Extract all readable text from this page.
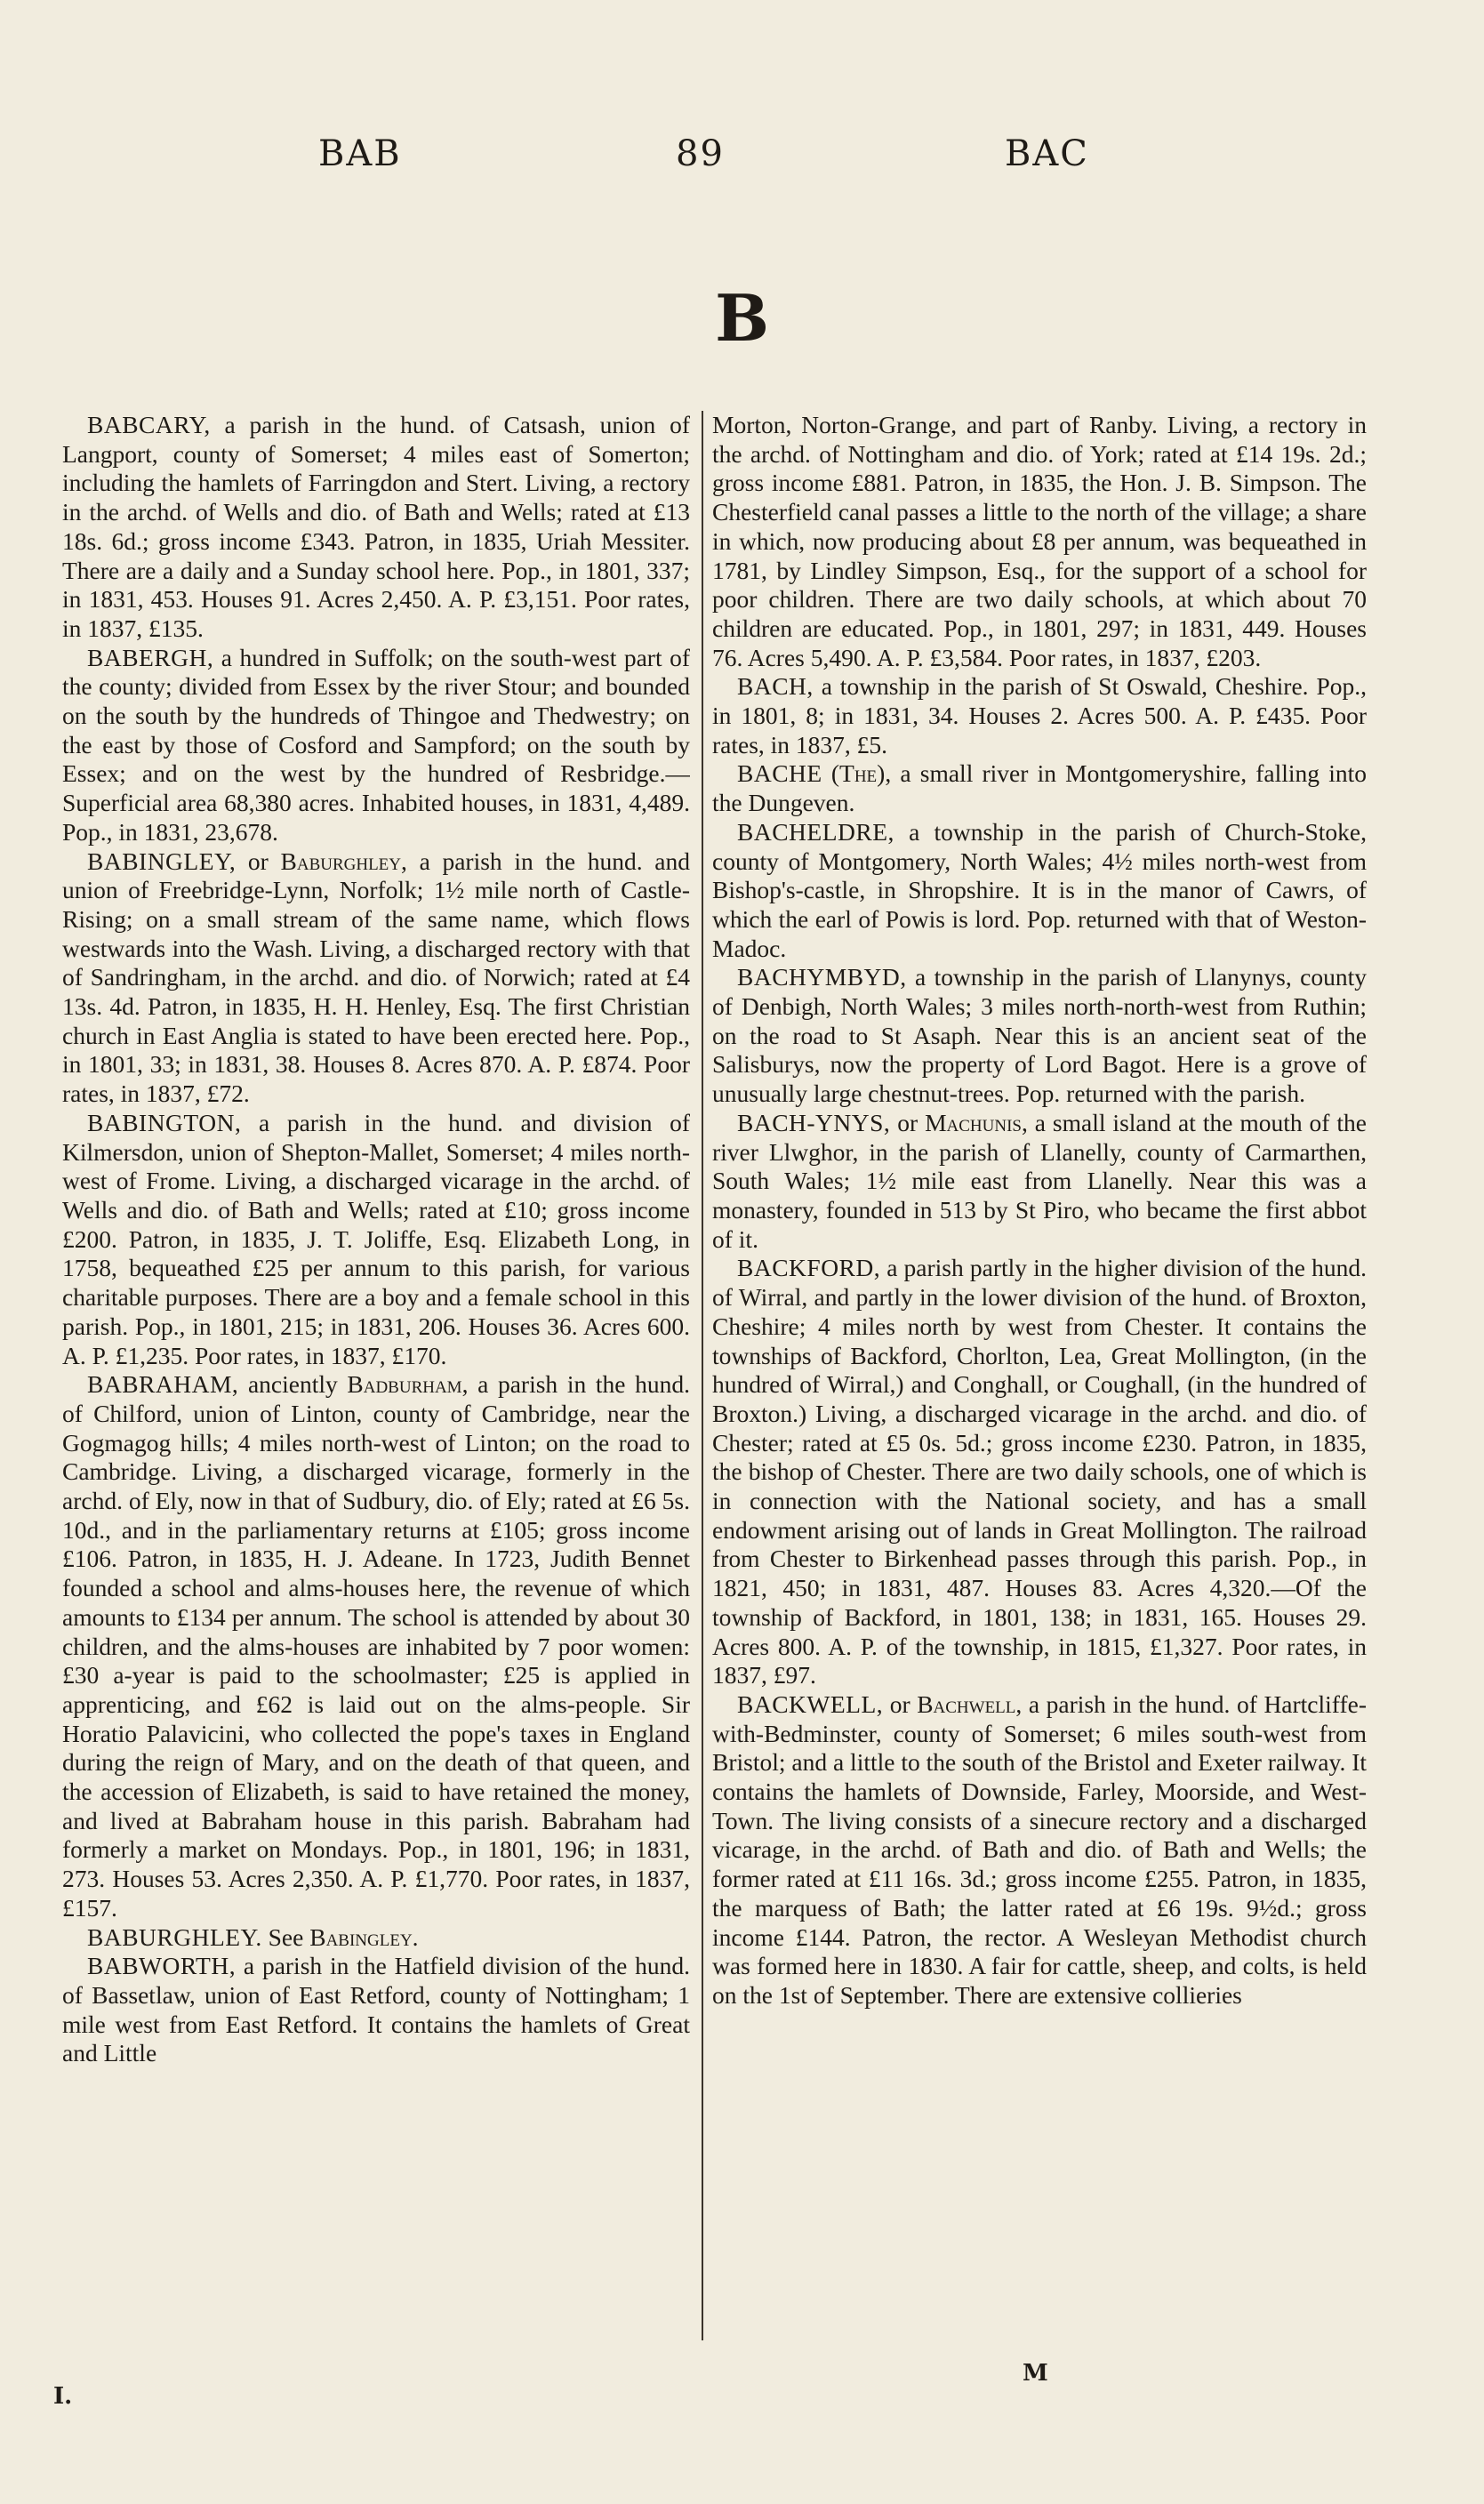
BAB	89	BAC
B

BABCARY, a parish in the hund. of Catsash, union of Langport, county of Somerset; 4 miles east of Somerton; including the hamlets of Farringdon and Stert. Living, a rectory in the archd. of Wells and dio. of Bath and Wells; rated at £13 18s. 6d.; gross income £343. Patron, in 1835, Uriah Messiter. There are a daily and a Sunday school here. Pop., in 1801, 337; in 1831, 453. Houses 91. Acres 2,450. A. P. £3,151. Poor rates, in 1837, £135.

BABERGH, a hundred in Suffolk; on the south-west part of the county; divided from Essex by the river Stour; and bounded on the south by the hundreds of Thingoe and Thedwestry; on the east by those of Cosford and Sampford; on the south by Essex; and on the west by the hundred of Resbridge.—Superficial area 68,380 acres. Inhabited houses, in 1831, 4,489. Pop., in 1831, 23,678.

BABINGLEY, or Baburghley, a parish in the hund. and union of Freebridge-Lynn, Norfolk; 1½ mile north of Castle-Rising; on a small stream of the same name, which flows westwards into the Wash. Living, a discharged rectory with that of Sandringham, in the archd. and dio. of Norwich; rated at £4 13s. 4d. Patron, in 1835, H. H. Henley, Esq. The first Christian church in East Anglia is stated to have been erected here. Pop., in 1801, 33; in 1831, 38. Houses 8. Acres 870. A. P. £874. Poor rates, in 1837, £72.

BABINGTON, a parish in the hund. and division of Kilmersdon, union of Shepton-Mallet, Somerset; 4 miles north-west of Frome. Living, a discharged vicarage in the archd. of Wells and dio. of Bath and Wells; rated at £10; gross income £200. Patron, in 1835, J. T. Joliffe, Esq. Elizabeth Long, in 1758, bequeathed £25 per annum to this parish, for various charitable purposes. There are a boy and a female school in this parish. Pop., in 1801, 215; in 1831, 206. Houses 36. Acres 600. A. P. £1,235. Poor rates, in 1837, £170.

BABRAHAM, anciently Badburham, a parish in the hund. of Chilford, union of Linton, county of Cambridge, near the Gogmagog hills; 4 miles north-west of Linton; on the road to Cambridge. Living, a discharged vicarage, formerly in the archd. of Ely, now in that of Sudbury, dio. of Ely; rated at £6 5s. 10d., and in the parliamentary returns at £105; gross income £106. Patron, in 1835, H. J. Adeane. In 1723, Judith Bennet founded a school and alms-houses here, the revenue of which amounts to £134 per annum. The school is attended by about 30 children, and the alms-houses are inhabited by 7 poor women: £30 a-year is paid to the schoolmaster; £25 is applied in apprenticing, and £62 is laid out on the alms-people. Sir Horatio Palavicini, who collected the pope's taxes in England during the reign of Mary, and on the death of that queen, and the accession of Elizabeth, is said to have retained the money, and lived at Babraham house in this parish. Babraham had formerly a market on Mondays. Pop., in 1801, 196; in 1831, 273. Houses 53. Acres 2,350. A. P. £1,770. Poor rates, in 1837, £157.

BABURGHLEY. See Babingley.

BABWORTH, a parish in the Hatfield division of the hund. of Bassetlaw, union of East Retford, county of Nottingham; 1 mile west from East Retford. It contains the hamlets of Great and Little

Morton, Norton-Grange, and part of Ranby. Living, a rectory in the archd. of Nottingham and dio. of York; rated at £14 19s. 2d.; gross income £881. Patron, in 1835, the Hon. J. B. Simpson. The Chesterfield canal passes a little to the north of the village; a share in which, now producing about £8 per annum, was bequeathed in 1781, by Lindley Simpson, Esq., for the support of a school for poor children. There are two daily schools, at which about 70 children are educated. Pop., in 1801, 297; in 1831, 449. Houses 76. Acres 5,490. A. P. £3,584. Poor rates, in 1837, £203.

BACH, a township in the parish of St Oswald, Cheshire. Pop., in 1801, 8; in 1831, 34. Houses 2. Acres 500. A. P. £435. Poor rates, in 1837, £5.

BACHE (The), a small river in Montgomeryshire, falling into the Dungeven.

BACHELDRE, a township in the parish of Church-Stoke, county of Montgomery, North Wales; 4½ miles north-west from Bishop's-castle, in Shropshire. It is in the manor of Cawrs, of which the earl of Powis is lord. Pop. returned with that of Weston-Madoc.

BACHYMBYD, a township in the parish of Llanynys, county of Denbigh, North Wales; 3 miles north-north-west from Ruthin; on the road to St Asaph. Near this is an ancient seat of the Salisburys, now the property of Lord Bagot. Here is a grove of unusually large chestnut-trees. Pop. returned with the parish.

BACH-YNYS, or Machunis, a small island at the mouth of the river Llwghor, in the parish of Llanelly, county of Carmarthen, South Wales; 1½ mile east from Llanelly. Near this was a monastery, founded in 513 by St Piro, who became the first abbot of it.

BACKFORD, a parish partly in the higher division of the hund. of Wirral, and partly in the lower division of the hund. of Broxton, Cheshire; 4 miles north by west from Chester. It contains the townships of Backford, Chorlton, Lea, Great Mollington, (in the hundred of Wirral,) and Conghall, or Coughall, (in the hundred of Broxton.) Living, a discharged vicarage in the archd. and dio. of Chester; rated at £5 0s. 5d.; gross income £230. Patron, in 1835, the bishop of Chester. There are two daily schools, one of which is in connection with the National society, and has a small endowment arising out of lands in Great Mollington. The railroad from Chester to Birkenhead passes through this parish. Pop., in 1821, 450; in 1831, 487. Houses 83. Acres 4,320.—Of the township of Backford, in 1801, 138; in 1831, 165. Houses 29. Acres 800. A. P. of the township, in 1815, £1,327. Poor rates, in 1837, £97.

BACKWELL, or Bachwell, a parish in the hund. of Hartcliffe-with-Bedminster, county of Somerset; 6 miles south-west from Bristol; and a little to the south of the Bristol and Exeter railway. It contains the hamlets of Downside, Farley, Moorside, and West-Town. The living consists of a sinecure rectory and a discharged vicarage, in the archd. of Bath and dio. of Bath and Wells; the former rated at £11 16s. 3d.; gross income £255. Patron, in 1835, the marquess of Bath; the latter rated at £6 19s. 9½d.; gross income £144. Patron, the rector. A Wesleyan Methodist church was formed here in 1830. A fair for cattle, sheep, and colts, is held on the 1st of September. There are extensive collieries

I.
M
